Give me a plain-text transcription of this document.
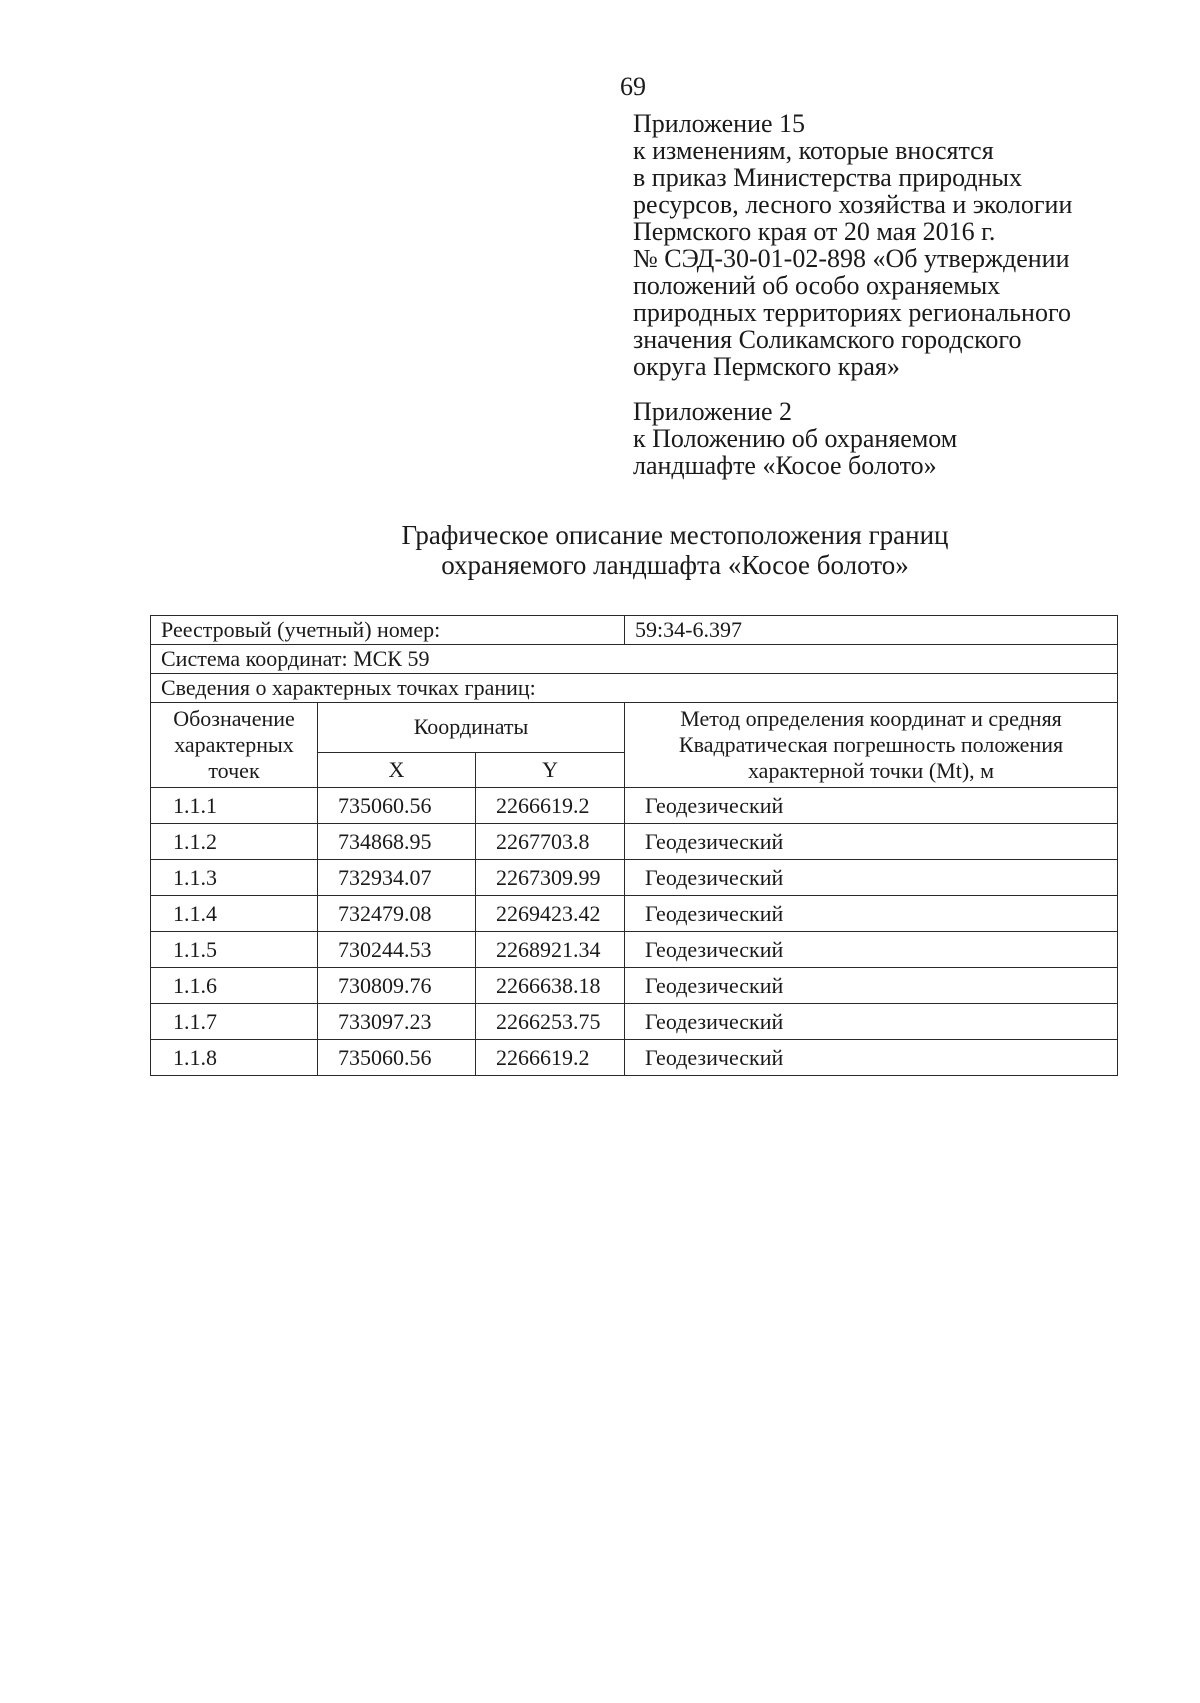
69
Приложение 15
к изменениям, которые вносятся
в приказ Министерства природных
ресурсов, лесного хозяйства и экологии
Пермского края от 20 мая 2016 г.
№ СЭД-30-01-02-898 «Об утверждении
положений об особо охраняемых
природных территориях регионального
значения Соликамского городского
округа Пермского края»
Приложение 2
к Положению об охраняемом
ландшафте «Косое болото»
Графическое описание местоположения границ
охраняемого ландшафта «Косое болото»
Реестровый (учетный) номер:			59:34-6.397
Система координат: МСК 59			
Сведения о характерных точках границ:			
Обозначение характерных точек	Координаты		Метод определения координат и средняя Квадратическая погрешность положения характерной точки (Mt), м
	X	Y	
1.1.1	735060.56	2266619.2	Геодезический
1.1.2	734868.95	2267703.8	Геодезический
1.1.3	732934.07	2267309.99	Геодезический
1.1.4	732479.08	2269423.42	Геодезический
1.1.5	730244.53	2268921.34	Геодезический
1.1.6	730809.76	2266638.18	Геодезический
1.1.7	733097.23	2266253.75	Геодезический
1.1.8	735060.56	2266619.2	Геодезический
